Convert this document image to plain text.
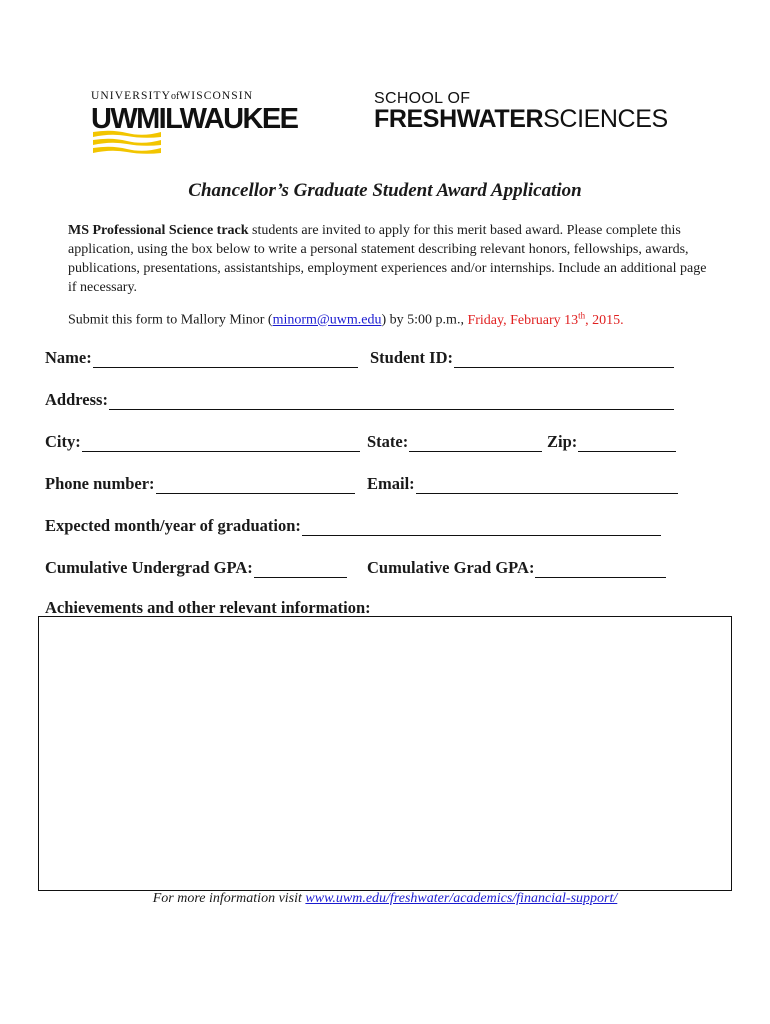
UNIVERSITYofWISCONSIN
UWMILWAUKEE
SCHOOL OF
FRESHWATERSCIENCES
Chancellor’s Graduate Student Award Application
MS Professional Science track students are invited to apply for this merit based award. Please complete this application, using the box below to write a personal statement describing relevant honors, fellowships, awards, publications, presentations, assistantships, employment experiences and/or internships. Include an additional page if necessary.
Submit this form to Mallory Minor (minorm@uwm.edu) by 5:00 p.m., Friday, February 13th, 2015.
Name:	Student ID:
Address:
City:	State:	Zip:
Phone number:	Email:
Expected month/year of graduation:
Cumulative Undergrad GPA:	Cumulative Grad GPA:
Achievements and other relevant information:
For more information visit www.uwm.edu/freshwater/academics/financial-support/
